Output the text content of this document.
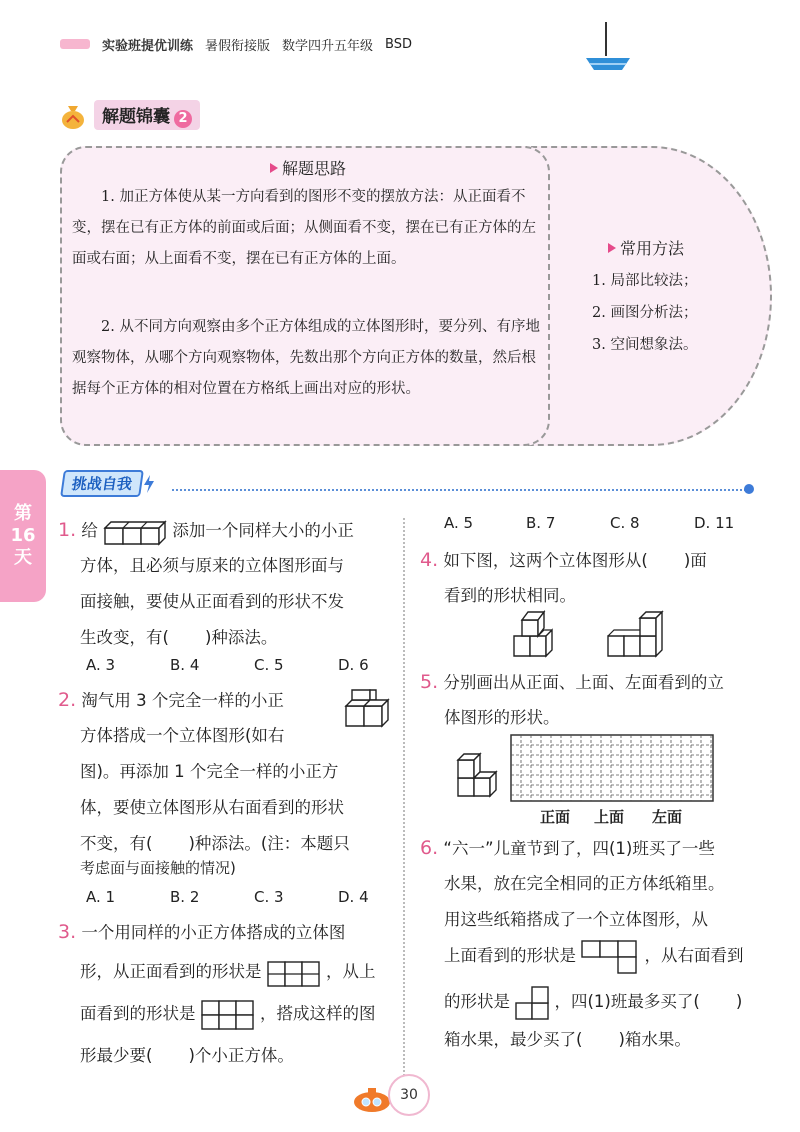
实验班提优训练 暑假衔接版 数学四升五年级 BSD
解题锦囊 2
解题思路
1. 加正方体使从某一方向看到的图形不变的摆放方法：从正面看不变，摆在已有正方体的前面或后面；从侧面看不变，摆在已有正方体的左面或右面；从上面看不变，摆在已有正方体的上面。
2. 从不同方向观察由多个正方体组成的立体图形时，要分列、有序地观察物体，从哪个方向观察物体，先数出那个方向正方体的数量，然后根据每个正方体的相对位置在方格纸上画出对应的形状。
常用方法
1. 局部比较法；
2. 画图分析法；
3. 空间想象法。
第
16
天
挑战自我
1. 给	添加一个同样大小的小正
方体，且必须与原来的立体图形面与
面接触，要使从正面看到的形状不发
生改变，有( )种添法。
A. 3	B. 4	C. 5	D. 6
2. 淘气用 3 个完全一样的小正
方体搭成一个立体图形(如右
图)。再添加 1 个完全一样的小正方
体，要使立体图形从右面看到的形状
不变，有( )种添法。(注：本题只
考虑面与面接触的情况)
A. 1	B. 2	C. 3	D. 4
3. 一个用同样的小正方体搭成的立体图
形，从正面看到的形状是	，从上
面看到的形状是	，搭成这样的图
形最少要( )个小正方体。
A. 5	B. 7	C. 8	D. 11
4. 如下图，这两个立体图形从( )面
看到的形状相同。
5. 分别画出从正面、上面、左面看到的立
体图形的形状。
正面 上面 左面
6. “六一”儿童节到了，四(1)班买了一些
水果，放在完全相同的正方体纸箱里。
用这些纸箱搭成了一个立体图形，从
上面看到的形状是	，从右面看到
的形状是	，四(1)班最多买了( )
箱水果，最少买了( )箱水果。
30
